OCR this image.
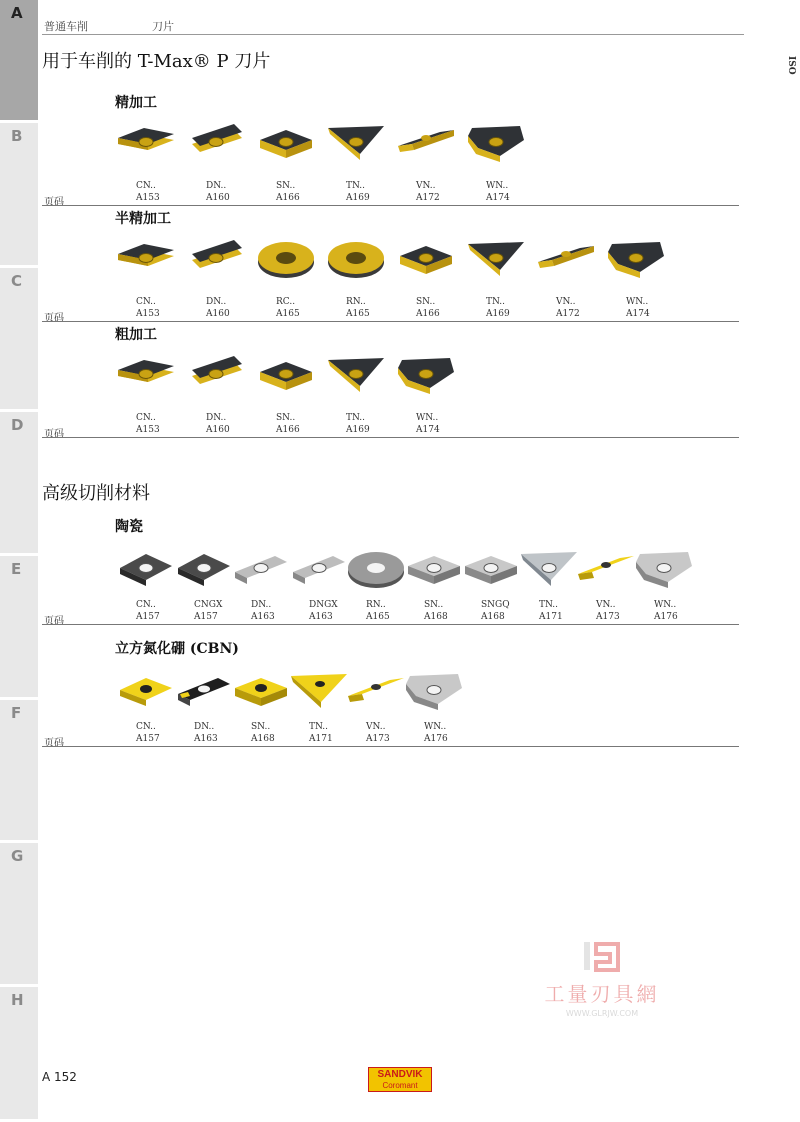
A
B
C
D
E
F
G
H
普通车削	刀片
ISO
用于车削的 T-Max® P 刀片
精加工
半精加工
粗加工
高级切削材料
陶瓷
立方氮化硼 (CBN)
页码
页码
页码
页码
页码
CN..
A153
DN..
A160
SN..
A166
TN..
A169
VN..
A172
WN..
A174
CN..
A153
DN..
A160
RC..
A165
RN..
A165
SN..
A166
TN..
A169
VN..
A172
WN..
A174
CN..
A153
DN..
A160
SN..
A166
TN..
A169
WN..
A174
CN..
A157
CNGX
A157
DN..
A163
DNGX
A163
RN..
A165
SN..
A168
SNGQ
A168
TN..
A171
VN..
A173
WN..
A176
CN..
A157
DN..
A163
SN..
A168
TN..
A171
VN..
A173
WN..
A176
工量刃具網
WWW.GLRJW.COM
A 152	SANDVIK
Coromant
